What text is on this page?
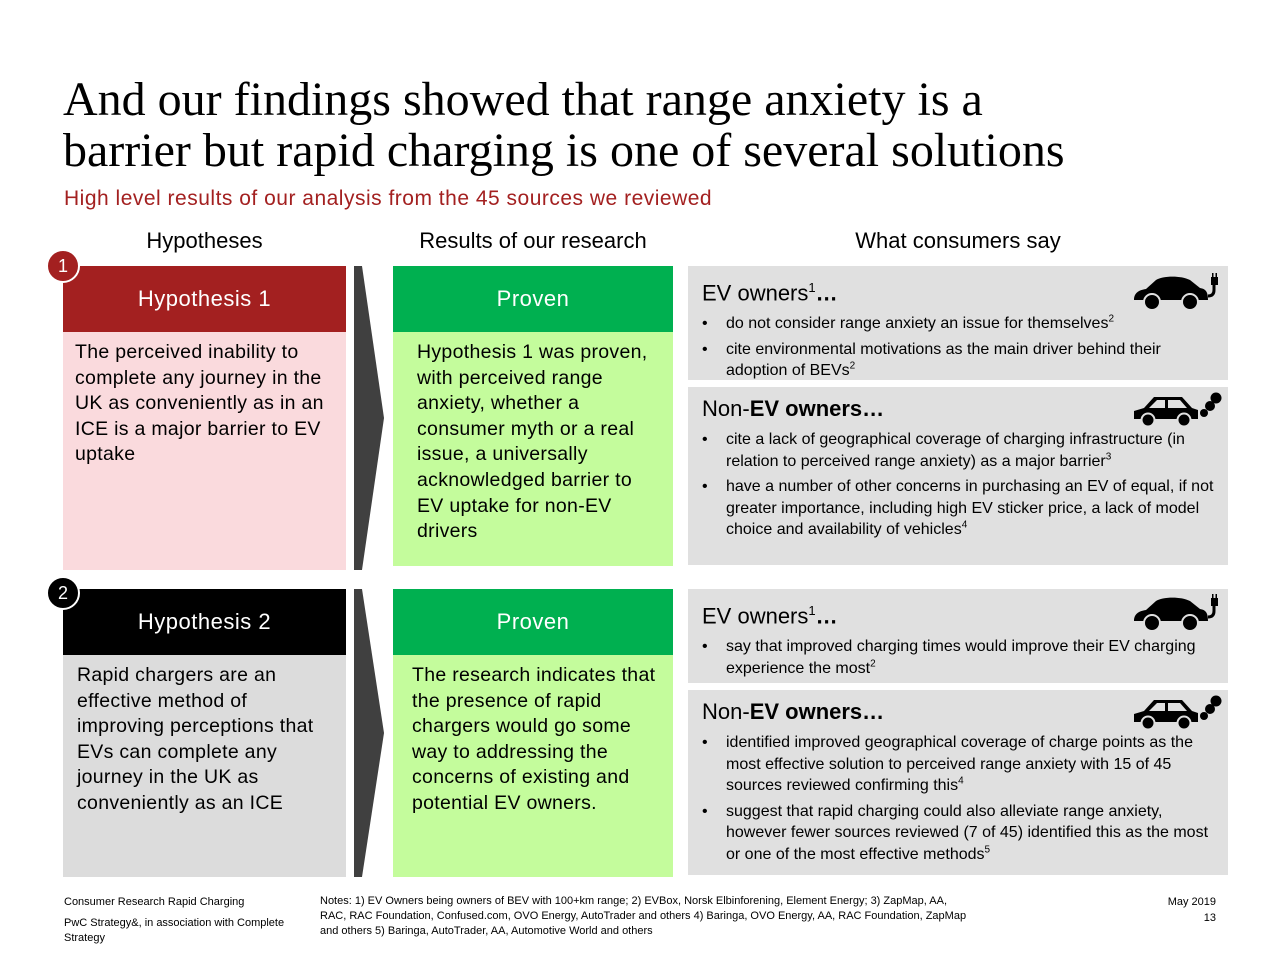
And our findings showed that range anxiety is a
barrier but rapid charging is one of several solutions
High level results of our analysis from the 45 sources we reviewed
Hypotheses	Results of our research	What consumers say
1
Hypothesis 1
The perceived inability to complete any journey in the UK as conveniently as in an ICE is a major barrier to EV uptake
Proven
Hypothesis 1 was proven, with perceived range anxiety, whether a consumer myth or a real issue, a universally acknowledged barrier to EV uptake for non-EV drivers
EV owners$^1$…
• do not consider range anxiety an issue for themselves$^2$
• cite environmental motivations as the main driver behind their adoption of BEVs$^2$
Non-EV owners…
• cite a lack of geographical coverage of charging infrastructure (in relation to perceived range anxiety) as a major barrier$^3$
• have a number of other concerns in purchasing an EV of equal, if not greater importance, including high EV sticker price, a lack of model choice and availability of vehicles$^4$
2
Hypothesis 2
Rapid chargers are an effective method of improving perceptions that EVs can complete any journey in the UK as conveniently as an ICE
Proven
The research indicates that the presence of rapid chargers would go some way to addressing the concerns of existing and potential EV owners.
EV owners$^1$…
• say that improved charging times would improve their EV charging experience the most$^2$
Non-EV owners…
• identified improved geographical coverage of charge points as the most effective solution to perceived range anxiety with 15 of 45 sources reviewed confirming this$^4$
• suggest that rapid charging could also alleviate range anxiety, however fewer sources reviewed (7 of 45) identified this as the most or one of the most effective methods$^5$
Consumer Research Rapid Charging
PwC Strategy&, in association with Complete Strategy
Notes: 1) EV Owners being owners of BEV with 100+km range; 2) EVBox, Norsk Elbinforening, Element Energy; 3) ZapMap, AA, RAC, RAC Foundation, Confused.com, OVO Energy, AutoTrader and others 4) Baringa, OVO Energy, AA, RAC Foundation, ZapMap and others 5) Baringa, AutoTrader, AA, Automotive World and others
May 2019
13
